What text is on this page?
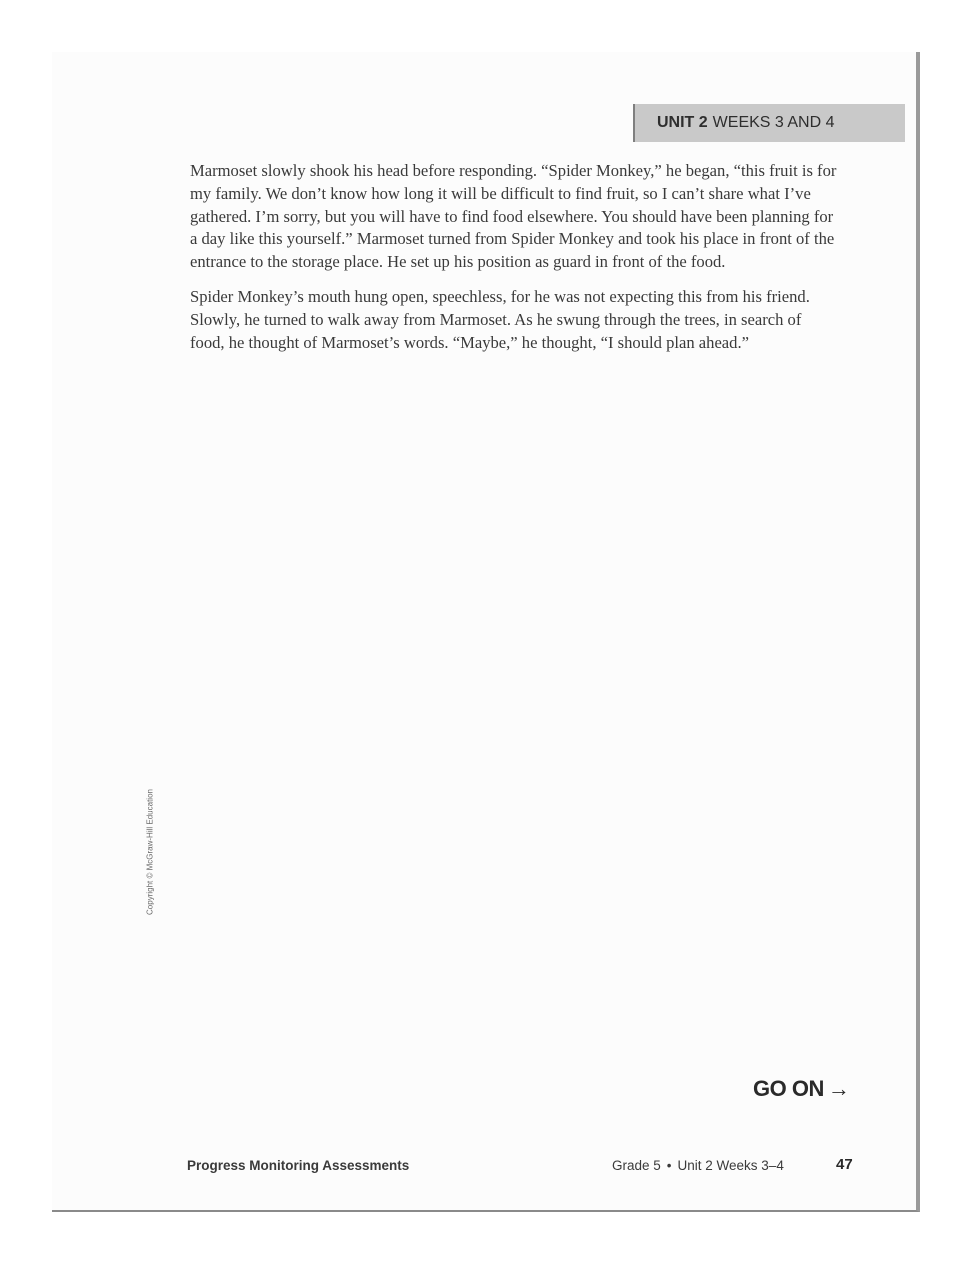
UNIT 2 WEEKS 3 AND 4

Marmoset slowly shook his head before responding. “Spider Monkey,” he began, “this fruit is for my family. We don’t know how long it will be difficult to find fruit, so I can’t share what I’ve gathered. I’m sorry, but you will have to find food elsewhere. You should have been planning for a day like this yourself.” Marmoset turned from Spider Monkey and took his place in front of the entrance to the storage place. He set up his position as guard in front of the food.

Spider Monkey’s mouth hung open, speechless, for he was not expecting this from his friend. Slowly, he turned to walk away from Marmoset. As he swung through the trees, in search of food, he thought of Marmoset’s words. “Maybe,” he thought, “I should plan ahead.”

Copyright © McGraw-Hill Education
GO ON →
Progress Monitoring Assessments	Grade 5 • Unit 2 Weeks 3–4	47
